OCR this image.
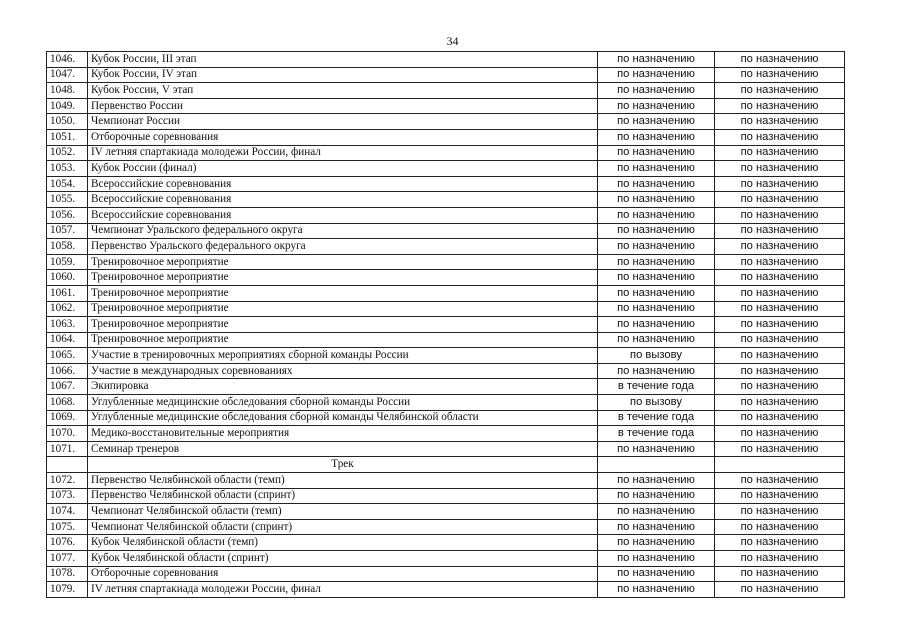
34
1046.	Кубок России, III этап	по назначению	по назначению
1047.	Кубок России, IV этап	по назначению	по назначению
1048.	Кубок России, V этап	по назначению	по назначению
1049.	Первенство России	по назначению	по назначению
1050.	Чемпионат России	по назначению	по назначению
1051.	Отборочные соревнования	по назначению	по назначению
1052.	IV летняя спартакиада молодежи России, финал	по назначению	по назначению
1053.	Кубок России (финал)	по назначению	по назначению
1054.	Всероссийские соревнования	по назначению	по назначению
1055.	Всероссийские соревнования	по назначению	по назначению
1056.	Всероссийские соревнования	по назначению	по назначению
1057.	Чемпионат Уральского федерального округа	по назначению	по назначению
1058.	Первенство Уральского федерального округа	по назначению	по назначению
1059.	Тренировочное мероприятие	по назначению	по назначению
1060.	Тренировочное мероприятие	по назначению	по назначению
1061.	Тренировочное мероприятие	по назначению	по назначению
1062.	Тренировочное мероприятие	по назначению	по назначению
1063.	Тренировочное мероприятие	по назначению	по назначению
1064.	Тренировочное мероприятие	по назначению	по назначению
1065.	Участие в тренировочных мероприятиях сборной команды России	по вызову	по назначению
1066.	Участие в международных соревнованиях	по назначению	по назначению
1067.	Экипировка	в течение года	по назначению
1068.	Углубленные медицинские обследования сборной команды России	по вызову	по назначению
1069.	Углубленные медицинские обследования сборной команды Челябинской области	в течение года	по назначению
1070.	Медико-восстановительные мероприятия	в течение года	по назначению
1071.	Семинар тренеров	по назначению	по назначению
	Трек		
1072.	Первенство Челябинской области (темп)	по назначению	по назначению
1073.	Первенство Челябинской области (спринт)	по назначению	по назначению
1074.	Чемпионат Челябинской области (темп)	по назначению	по назначению
1075.	Чемпионат Челябинской области (спринт)	по назначению	по назначению
1076.	Кубок Челябинской области (темп)	по назначению	по назначению
1077.	Кубок Челябинской области (спринт)	по назначению	по назначению
1078.	Отборочные соревнования	по назначению	по назначению
1079.	IV летняя спартакиада молодежи России, финал	по назначению	по назначению
